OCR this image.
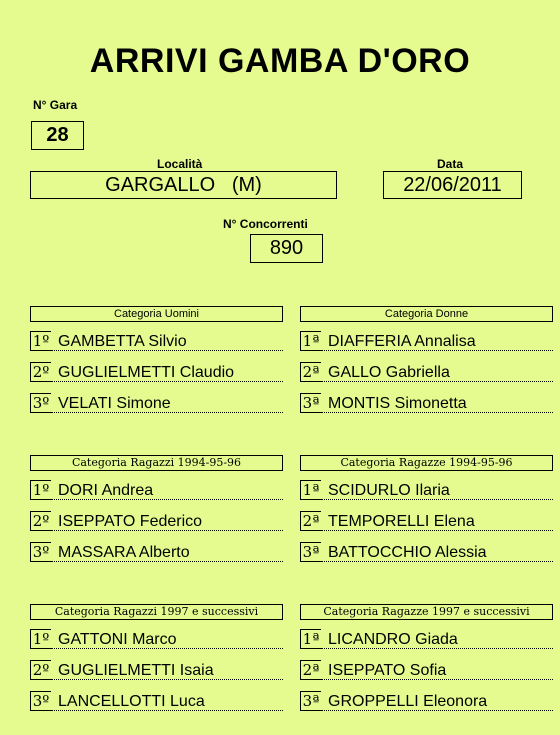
ARRIVI GAMBA D'ORO
N° Gara
28
Località
GARGALLO   (M)
Data
22/06/2011
N° Concorrenti
890
Categoria Uomini
1º GAMBETTA Silvio
2º GUGLIELMETTI Claudio
3º VELATI Simone
Categoria Donne
1ª DIAFFERIA Annalisa
2ª GALLO Gabriella
3ª MONTIS Simonetta
Categoria Ragazzi 1994-95-96
1º DORI Andrea
2º ISEPPATO Federico
3º MASSARA Alberto
Categoria Ragazze 1994-95-96
1ª SCIDURLO Ilaria
2ª TEMPORELLI Elena
3ª BATTOCCHIO Alessia
Categoria Ragazzi 1997 e successivi
1º GATTONI Marco
2º GUGLIELMETTI Isaia
3º LANCELLOTTI Luca
Categoria Ragazze 1997 e successivi
1ª LICANDRO Giada
2ª ISEPPATO Sofia
3ª GROPPELLI Eleonora
